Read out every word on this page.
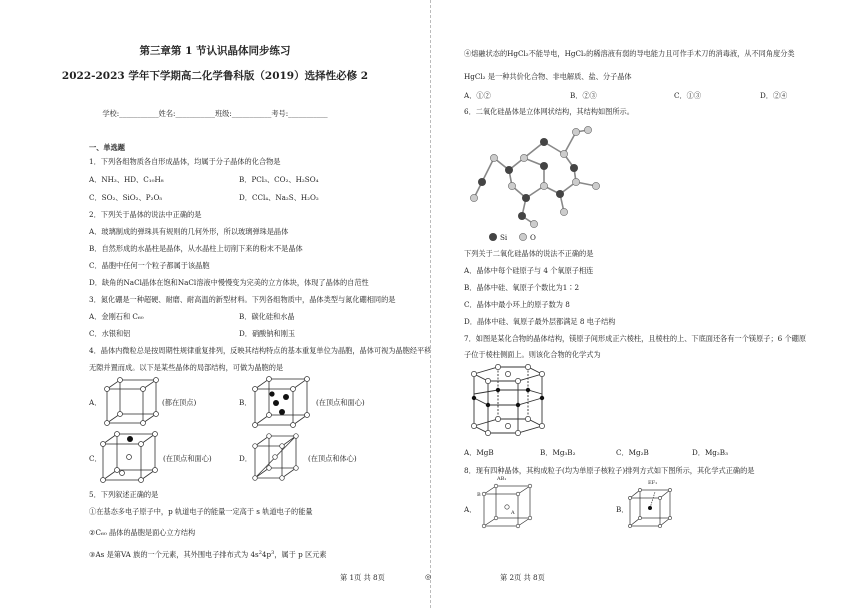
第三章第 1 节认识晶体同步练习
2022-2023 学年下学期高二化学鲁科版（2019）选择性必修 2
学校:___________姓名:___________班级:___________考号:___________
一、单选题
1．下列各组物质各自形成晶体，均属于分子晶体的化合物是
A．NH₃、HD、C₁₀H₈	B．PCl₃、CO₂、H₂SO₄
C．SO₂、SiO₂、P₂O₅	D．CCl₄、Na₂S、H₂O₂
2．下列关于晶体的说法中正确的是
A．玻璃制成的弹珠具有规则的几何外形，所以玻璃弹珠是晶体
B．自然形成的水晶柱是晶体，从水晶柱上切削下来的粉末不是晶体
C．晶胞中任何一个粒子都属于该晶胞
D．缺角的NaCl晶体在饱和NaCl溶液中慢慢变为完美的立方体块，体现了晶体的自范性
3．氮化硼是一种超硬、耐磨、耐高温的新型材料。下列各组物质中，晶体类型与氮化硼相同的是
A．金刚石和 C₆₀	B．碳化硅和水晶
C．水银和铝	D．硝酸钠和刚玉
4．晶体内微粒总是按周期性规律重复排列，反映其结构特点的基本重复单位为晶胞，晶体可视为晶胞经平移
无隙并置而成。以下是某些晶体的局部结构，可做为晶胞的是
A．	(都在顶点)	B．	(在顶点和面心)
C．	(在顶点和面心)	D．	(在顶点和体心)
5．下列叙述正确的是
①在基态多电子原子中，p 轨道电子的能量一定高于 s 轨道电子的能量
②C₆₀ 晶体的晶胞是面心立方结构
③As 是第VA 族的一个元素，其外围电子排布式为 $4s^24p^3$，属于 p 区元素
第 1页 共 8页	◎
④熔融状态的HgCl₂不能导电，HgCl₂的稀溶液有弱的导电能力且可作手术刀的消毒液，从不同角度分类
HgCl₂ 是一种共价化合物、非电解质、盐、分子晶体
A．①②	B．②③	C．①③	D．②④
6．二氧化硅晶体是立体网状结构，其结构如图所示。
Si	O
下列关于二氧化硅晶体的说法不正确的是
A．晶体中每个硅原子与 4 个氧原子相连
B．晶体中硅、氧原子个数比为1∶2
C．晶体中最小环上的原子数为 8
D．晶体中硅、氧原子最外层都满足 8 电子结构
7．如图是某化合物的晶体结构，镁原子间形成正六棱柱，且棱柱的上、下底面还各有一个镁原子；6 个硼原
子位于棱柱侧面上。则该化合物的化学式为
A．MgB	B．Mg₃B₂	C．Mg₂B	D．Mg₂B₃
8．现有四种晶体，其构成粒子(均为单原子核粒子)排列方式如下图所示，其化学式正确的是
A．
AB₁
B
A	B．
EF₁
第 2页 共 8页
